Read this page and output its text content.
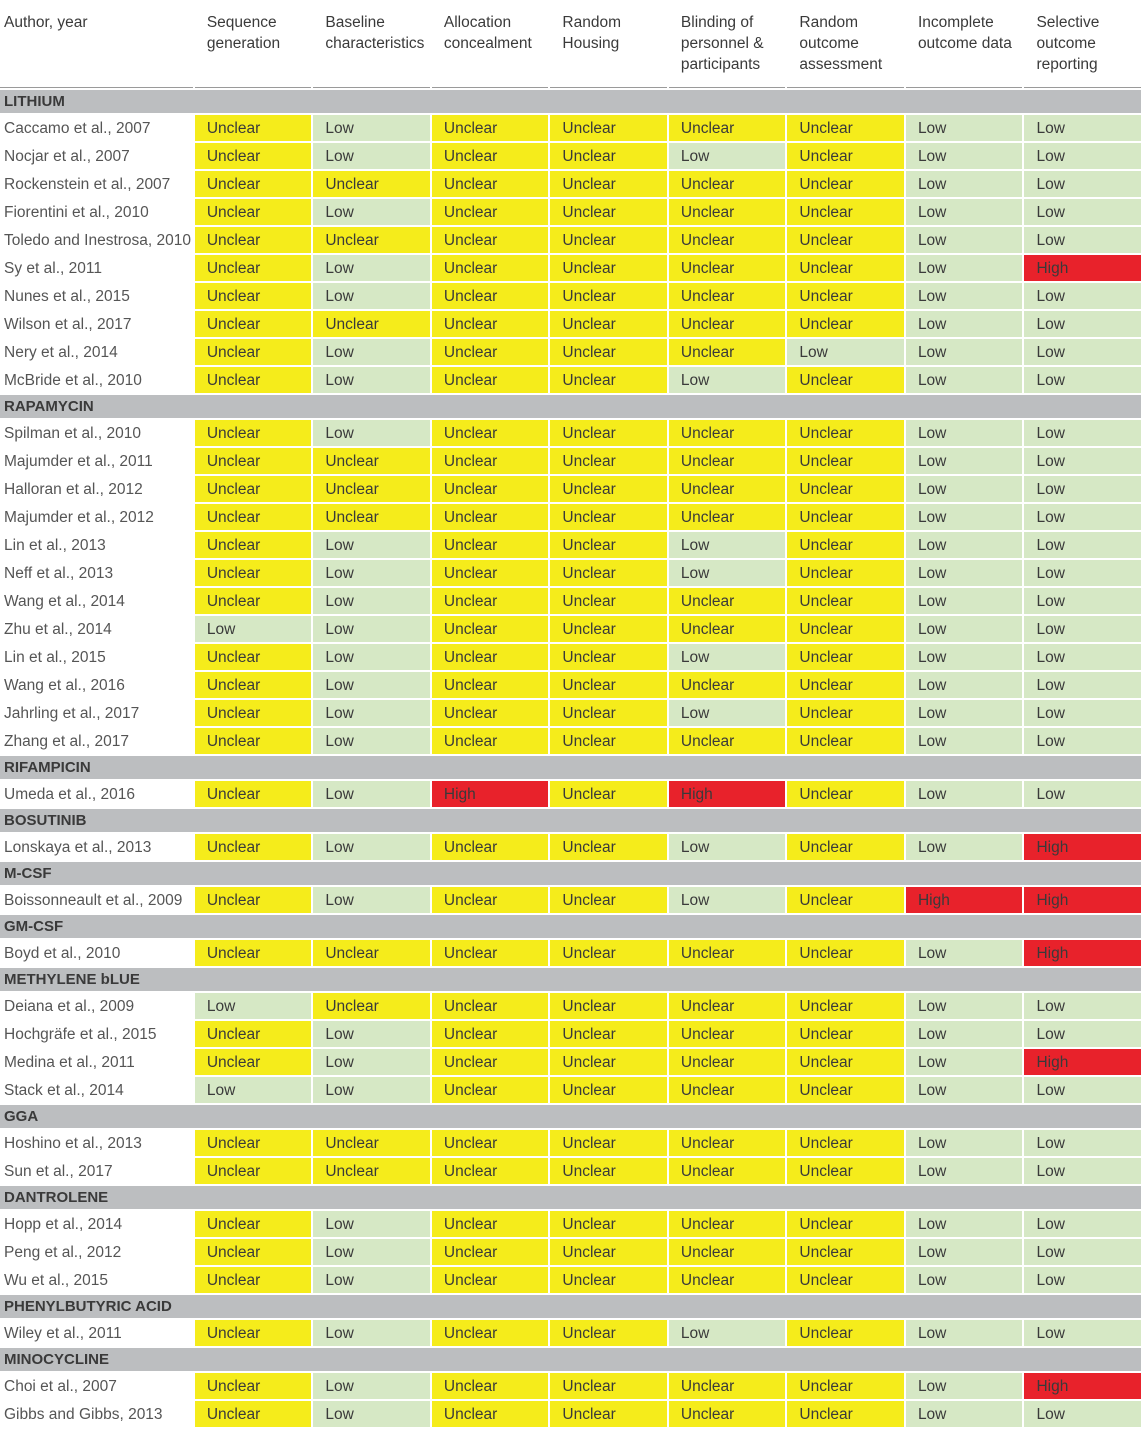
Author, year	Sequence generation	Baseline characteristics	Allocation concealment	Random Housing	Blinding of personnel & participants	Random outcome assessment	Incomplete outcome data	Selective outcome reporting
LITHIUM								
Caccamo et al., 2007	Unclear	Low	Unclear	Unclear	Unclear	Unclear	Low	Low
Nocjar et al., 2007	Unclear	Low	Unclear	Unclear	Low	Unclear	Low	Low
Rockenstein et al., 2007	Unclear	Unclear	Unclear	Unclear	Unclear	Unclear	Low	Low
Fiorentini et al., 2010	Unclear	Low	Unclear	Unclear	Unclear	Unclear	Low	Low
Toledo and Inestrosa, 2010	Unclear	Unclear	Unclear	Unclear	Unclear	Unclear	Low	Low
Sy et al., 2011	Unclear	Low	Unclear	Unclear	Unclear	Unclear	Low	High
Nunes et al., 2015	Unclear	Low	Unclear	Unclear	Unclear	Unclear	Low	Low
Wilson et al., 2017	Unclear	Unclear	Unclear	Unclear	Unclear	Unclear	Low	Low
Nery et al., 2014	Unclear	Low	Unclear	Unclear	Unclear	Low	Low	Low
McBride et al., 2010	Unclear	Low	Unclear	Unclear	Low	Unclear	Low	Low
RAPAMYCIN								
Spilman et al., 2010	Unclear	Low	Unclear	Unclear	Unclear	Unclear	Low	Low
Majumder et al., 2011	Unclear	Unclear	Unclear	Unclear	Unclear	Unclear	Low	Low
Halloran et al., 2012	Unclear	Unclear	Unclear	Unclear	Unclear	Unclear	Low	Low
Majumder et al., 2012	Unclear	Unclear	Unclear	Unclear	Unclear	Unclear	Low	Low
Lin et al., 2013	Unclear	Low	Unclear	Unclear	Low	Unclear	Low	Low
Neff et al., 2013	Unclear	Low	Unclear	Unclear	Low	Unclear	Low	Low
Wang et al., 2014	Unclear	Low	Unclear	Unclear	Unclear	Unclear	Low	Low
Zhu et al., 2014	Low	Low	Unclear	Unclear	Unclear	Unclear	Low	Low
Lin et al., 2015	Unclear	Low	Unclear	Unclear	Low	Unclear	Low	Low
Wang et al., 2016	Unclear	Low	Unclear	Unclear	Unclear	Unclear	Low	Low
Jahrling et al., 2017	Unclear	Low	Unclear	Unclear	Low	Unclear	Low	Low
Zhang et al., 2017	Unclear	Low	Unclear	Unclear	Unclear	Unclear	Low	Low
RIFAMPICIN								
Umeda et al., 2016	Unclear	Low	High	Unclear	High	Unclear	Low	Low
BOSUTINIB								
Lonskaya et al., 2013	Unclear	Low	Unclear	Unclear	Low	Unclear	Low	High
M-CSF								
Boissonneault et al., 2009	Unclear	Low	Unclear	Unclear	Low	Unclear	High	High
GM-CSF								
Boyd et al., 2010	Unclear	Unclear	Unclear	Unclear	Unclear	Unclear	Low	High
METHYLENE bLUE								
Deiana et al., 2009	Low	Unclear	Unclear	Unclear	Unclear	Unclear	Low	Low
Hochgräfe et al., 2015	Unclear	Low	Unclear	Unclear	Unclear	Unclear	Low	Low
Medina et al., 2011	Unclear	Low	Unclear	Unclear	Unclear	Unclear	Low	High
Stack et al., 2014	Low	Low	Unclear	Unclear	Unclear	Unclear	Low	Low
GGA								
Hoshino et al., 2013	Unclear	Unclear	Unclear	Unclear	Unclear	Unclear	Low	Low
Sun et al., 2017	Unclear	Unclear	Unclear	Unclear	Unclear	Unclear	Low	Low
DANTROLENE								
Hopp et al., 2014	Unclear	Low	Unclear	Unclear	Unclear	Unclear	Low	Low
Peng et al., 2012	Unclear	Low	Unclear	Unclear	Unclear	Unclear	Low	Low
Wu et al., 2015	Unclear	Low	Unclear	Unclear	Unclear	Unclear	Low	Low
PHENYLBUTYRIC ACID								
Wiley et al., 2011	Unclear	Low	Unclear	Unclear	Low	Unclear	Low	Low
MINOCYCLINE								
Choi et al., 2007	Unclear	Low	Unclear	Unclear	Unclear	Unclear	Low	High
Gibbs and Gibbs, 2013	Unclear	Low	Unclear	Unclear	Unclear	Unclear	Low	Low
